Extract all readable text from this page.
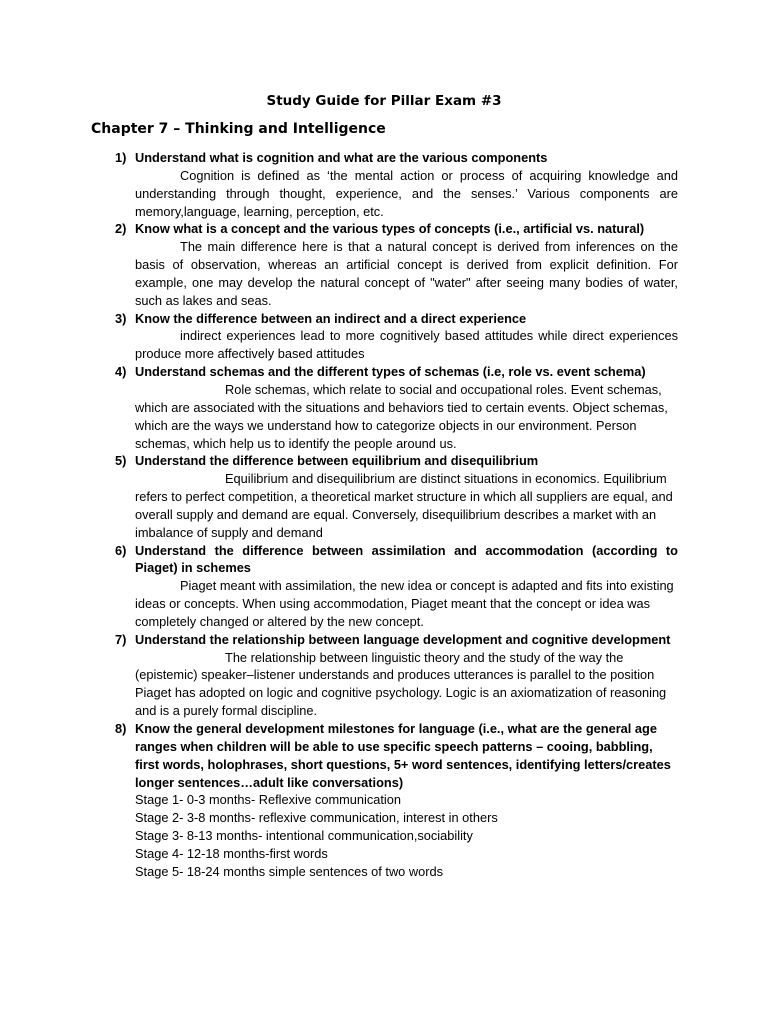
Study Guide for Pillar Exam #3
Chapter 7 – Thinking and Intelligence
1) Understand what is cognition and what are the various components
Cognition is defined as ‘the mental action or process of acquiring knowledge and understanding through thought, experience, and the senses.’ Various components are memory,language, learning, perception, etc.
2) Know what is a concept and the various types of concepts (i.e., artificial vs. natural)
The main difference here is that a natural concept is derived from inferences on the basis of observation, whereas an artificial concept is derived from explicit definition. For example, one may develop the natural concept of "water" after seeing many bodies of water, such as lakes and seas.
3) Know the difference between an indirect and a direct experience
indirect experiences lead to more cognitively based attitudes while direct experiences produce more affectively based attitudes
4) Understand schemas and the different types of schemas (i.e, role vs. event schema)
Role schemas, which relate to social and occupational roles. Event schemas, which are associated with the situations and behaviors tied to certain events. Object schemas, which are the ways we understand how to categorize objects in our environment. Person schemas, which help us to identify the people around us.
5) Understand the difference between equilibrium and disequilibrium
Equilibrium and disequilibrium are distinct situations in economics. Equilibrium refers to perfect competition, a theoretical market structure in which all suppliers are equal, and overall supply and demand are equal. Conversely, disequilibrium describes a market with an imbalance of supply and demand
6) Understand the difference between assimilation and accommodation (according to Piaget) in schemes
Piaget meant with assimilation, the new idea or concept is adapted and fits into existing ideas or concepts. When using accommodation, Piaget meant that the concept or idea was completely changed or altered by the new concept.
7) Understand the relationship between language development and cognitive development
The relationship between linguistic theory and the study of the way the (epistemic) speaker–listener understands and produces utterances is parallel to the position Piaget has adopted on logic and cognitive psychology. Logic is an axiomatization of reasoning and is a purely formal discipline.
8) Know the general development milestones for language (i.e., what are the general age ranges when children will be able to use specific speech patterns – cooing, babbling, first words, holophrases, short questions, 5+ word sentences, identifying letters/creates longer sentences…adult like conversations)
Stage 1- 0-3 months- Reflexive communication
Stage 2- 3-8 months- reflexive communication, interest in others
Stage 3- 8-13 months- intentional communication,sociability
Stage 4- 12-18 months-first words
Stage 5- 18-24 months simple sentences of two words
